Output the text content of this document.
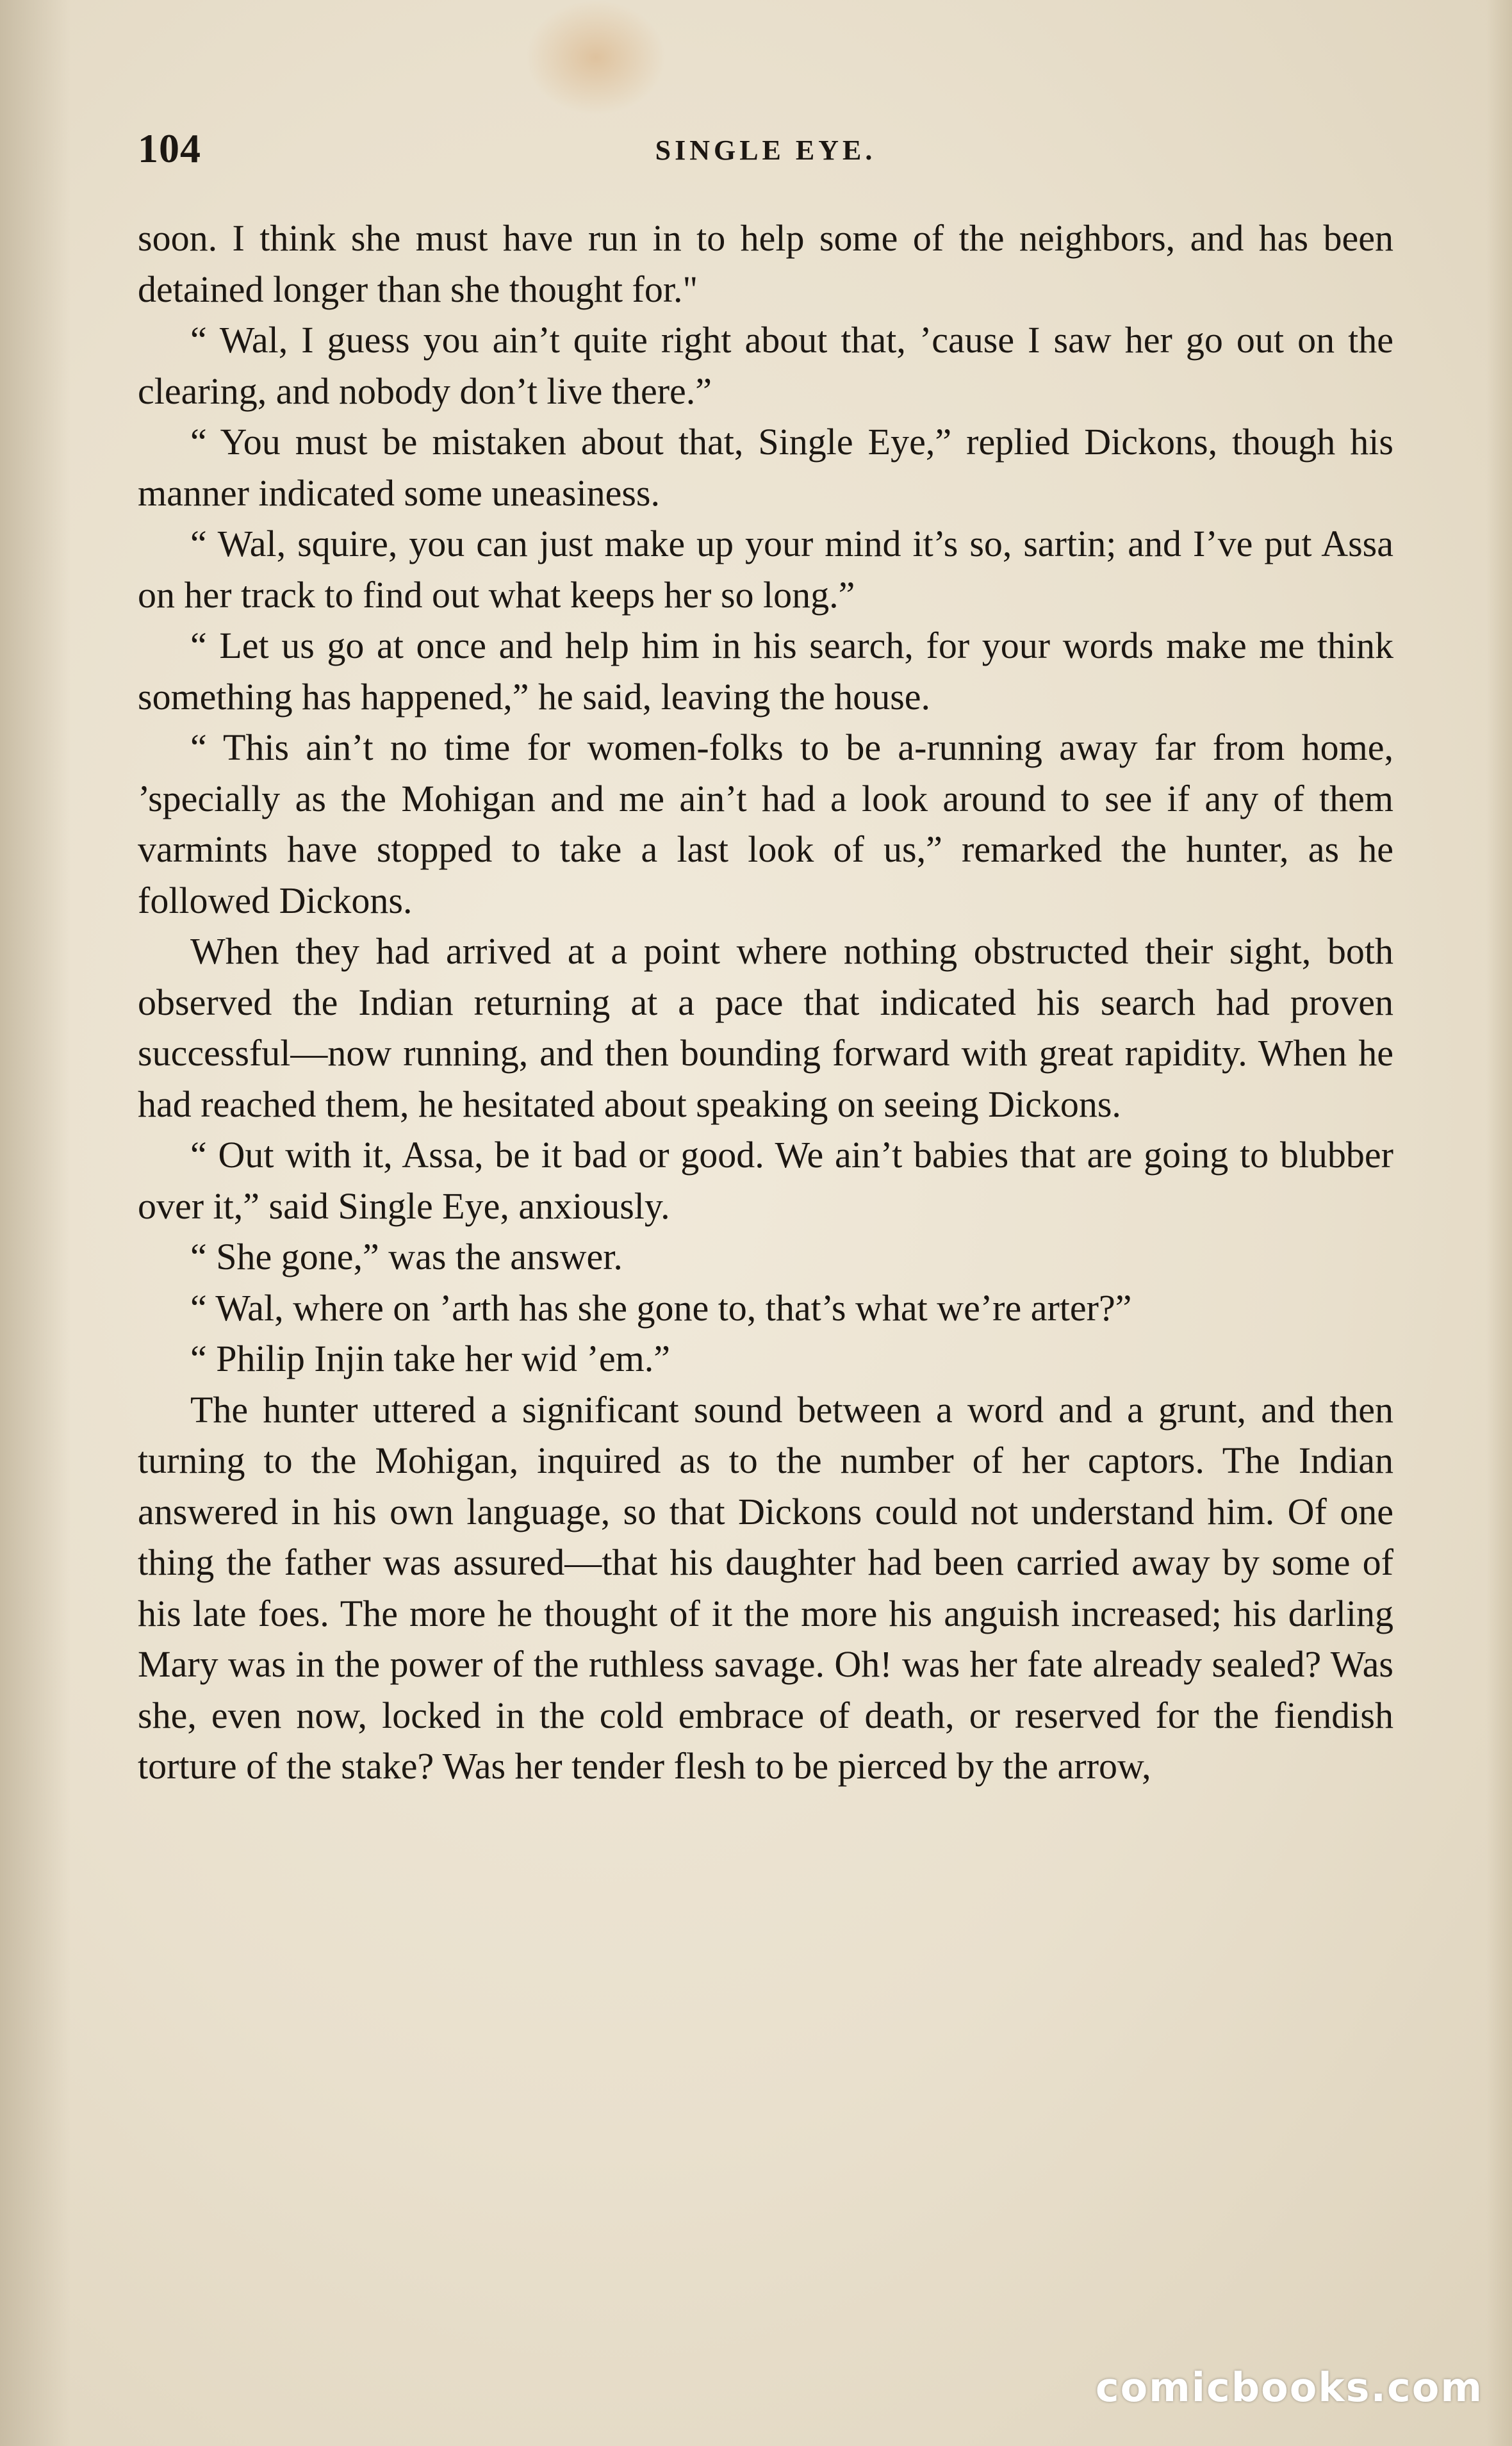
104	SINGLE EYE.

soon. I think she must have run in to help some of the neighbors, and has been detained longer than she thought for."

“ Wal, I guess you ain’t quite right about that, ’cause I saw her go out on the clearing, and nobody don’t live there.”

“ You must be mistaken about that, Single Eye,” replied Dickons, though his manner indicated some uneasiness.

“ Wal, squire, you can just make up your mind it’s so, sartin; and I’ve put Assa on her track to find out what keeps her so long.”

“ Let us go at once and help him in his search, for your words make me think something has happened,” he said, leaving the house.

“ This ain’t no time for women-folks to be a-running away far from home, ’specially as the Mohigan and me ain’t had a look around to see if any of them varmints have stopped to take a last look of us,” remarked the hunter, as he followed Dickons.

When they had arrived at a point where nothing obstructed their sight, both observed the Indian returning at a pace that indicated his search had proven successful—now running, and then bounding forward with great rapidity. When he had reached them, he hesitated about speaking on seeing Dickons.

“ Out with it, Assa, be it bad or good. We ain’t babies that are going to blubber over it,” said Single Eye, anxiously.

“ She gone,” was the answer.

“ Wal, where on ’arth has she gone to, that’s what we’re arter?”

“ Philip Injin take her wid ’em.”

The hunter uttered a significant sound between a word and a grunt, and then turning to the Mohigan, inquired as to the number of her captors. The Indian answered in his own language, so that Dickons could not understand him. Of one thing the father was assured—that his daughter had been carried away by some of his late foes. The more he thought of it the more his anguish increased; his darling Mary was in the power of the ruthless savage. Oh! was her fate already sealed? Was she, even now, locked in the cold embrace of death, or reserved for the fiendish torture of the stake? Was her tender flesh to be pierced by the arrow,

comicbooks.com
